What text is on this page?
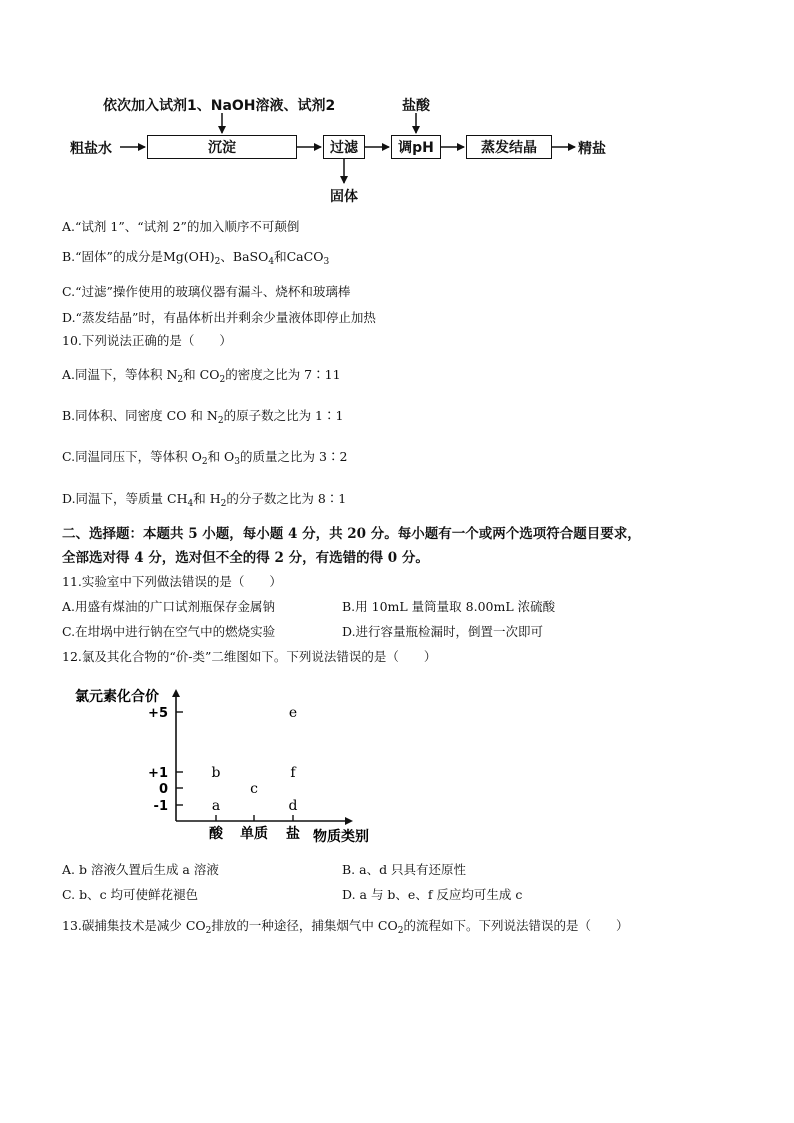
依次加入试剂1、NaOH溶液、试剂2	盐酸
粗盐水	沉淀	过滤	调pH	蒸发结晶	精盐
固体
A.“试剂 1”、“试剂 2”的加入顺序不可颠倒
B.“固体”的成分是$Mg(OH)_2$、BaSO$_4$和CaCO$_3$
C.“过滤”操作使用的玻璃仪器有漏斗、烧杯和玻璃棒
D.“蒸发结晶”时，有晶体析出并剩余少量液体即停止加热
10.下列说法正确的是（　　）
A.同温下，等体积 $N_2$和 $CO_2$的密度之比为 7∶11
B.同体积、同密度 CO 和 $N_2$的原子数之比为 1∶1
C.同温同压下，等体积 $O_2$和 $O_3$的质量之比为 3∶2
D.同温下，等质量 $CH_4$和 $H_2$的分子数之比为 8∶1
二、选择题：本题共 5 小题，每小题 4 分，共 20 分。每小题有一个或两个选项符合题目要求，
全部选对得 4 分，选对但不全的得 2 分，有选错的得 0 分。
11.实验室中下列做法错误的是（　　）
A.用盛有煤油的广口试剂瓶保存金属钠	B.用 10mL 量筒量取 8.00mL 浓硫酸
C.在坩埚中进行钠在空气中的燃烧实验	D.进行容量瓶检漏时，倒置一次即可
12.氯及其化合物的“价-类”二维图如下。下列说法错误的是（　　）
氯元素化合价
物质类别
+5
+1
0
-1
酸 单质 盐
a
b
c
d
e
f
A. b 溶液久置后生成 a 溶液	B. a、d 只具有还原性
C. b、c 均可使鲜花褪色	D. a 与 b、e、f 反应均可生成 c
13.碳捕集技术是减少 $CO_2$排放的一种途径，捕集烟气中 $CO_2$的流程如下。下列说法错误的是（　　）
